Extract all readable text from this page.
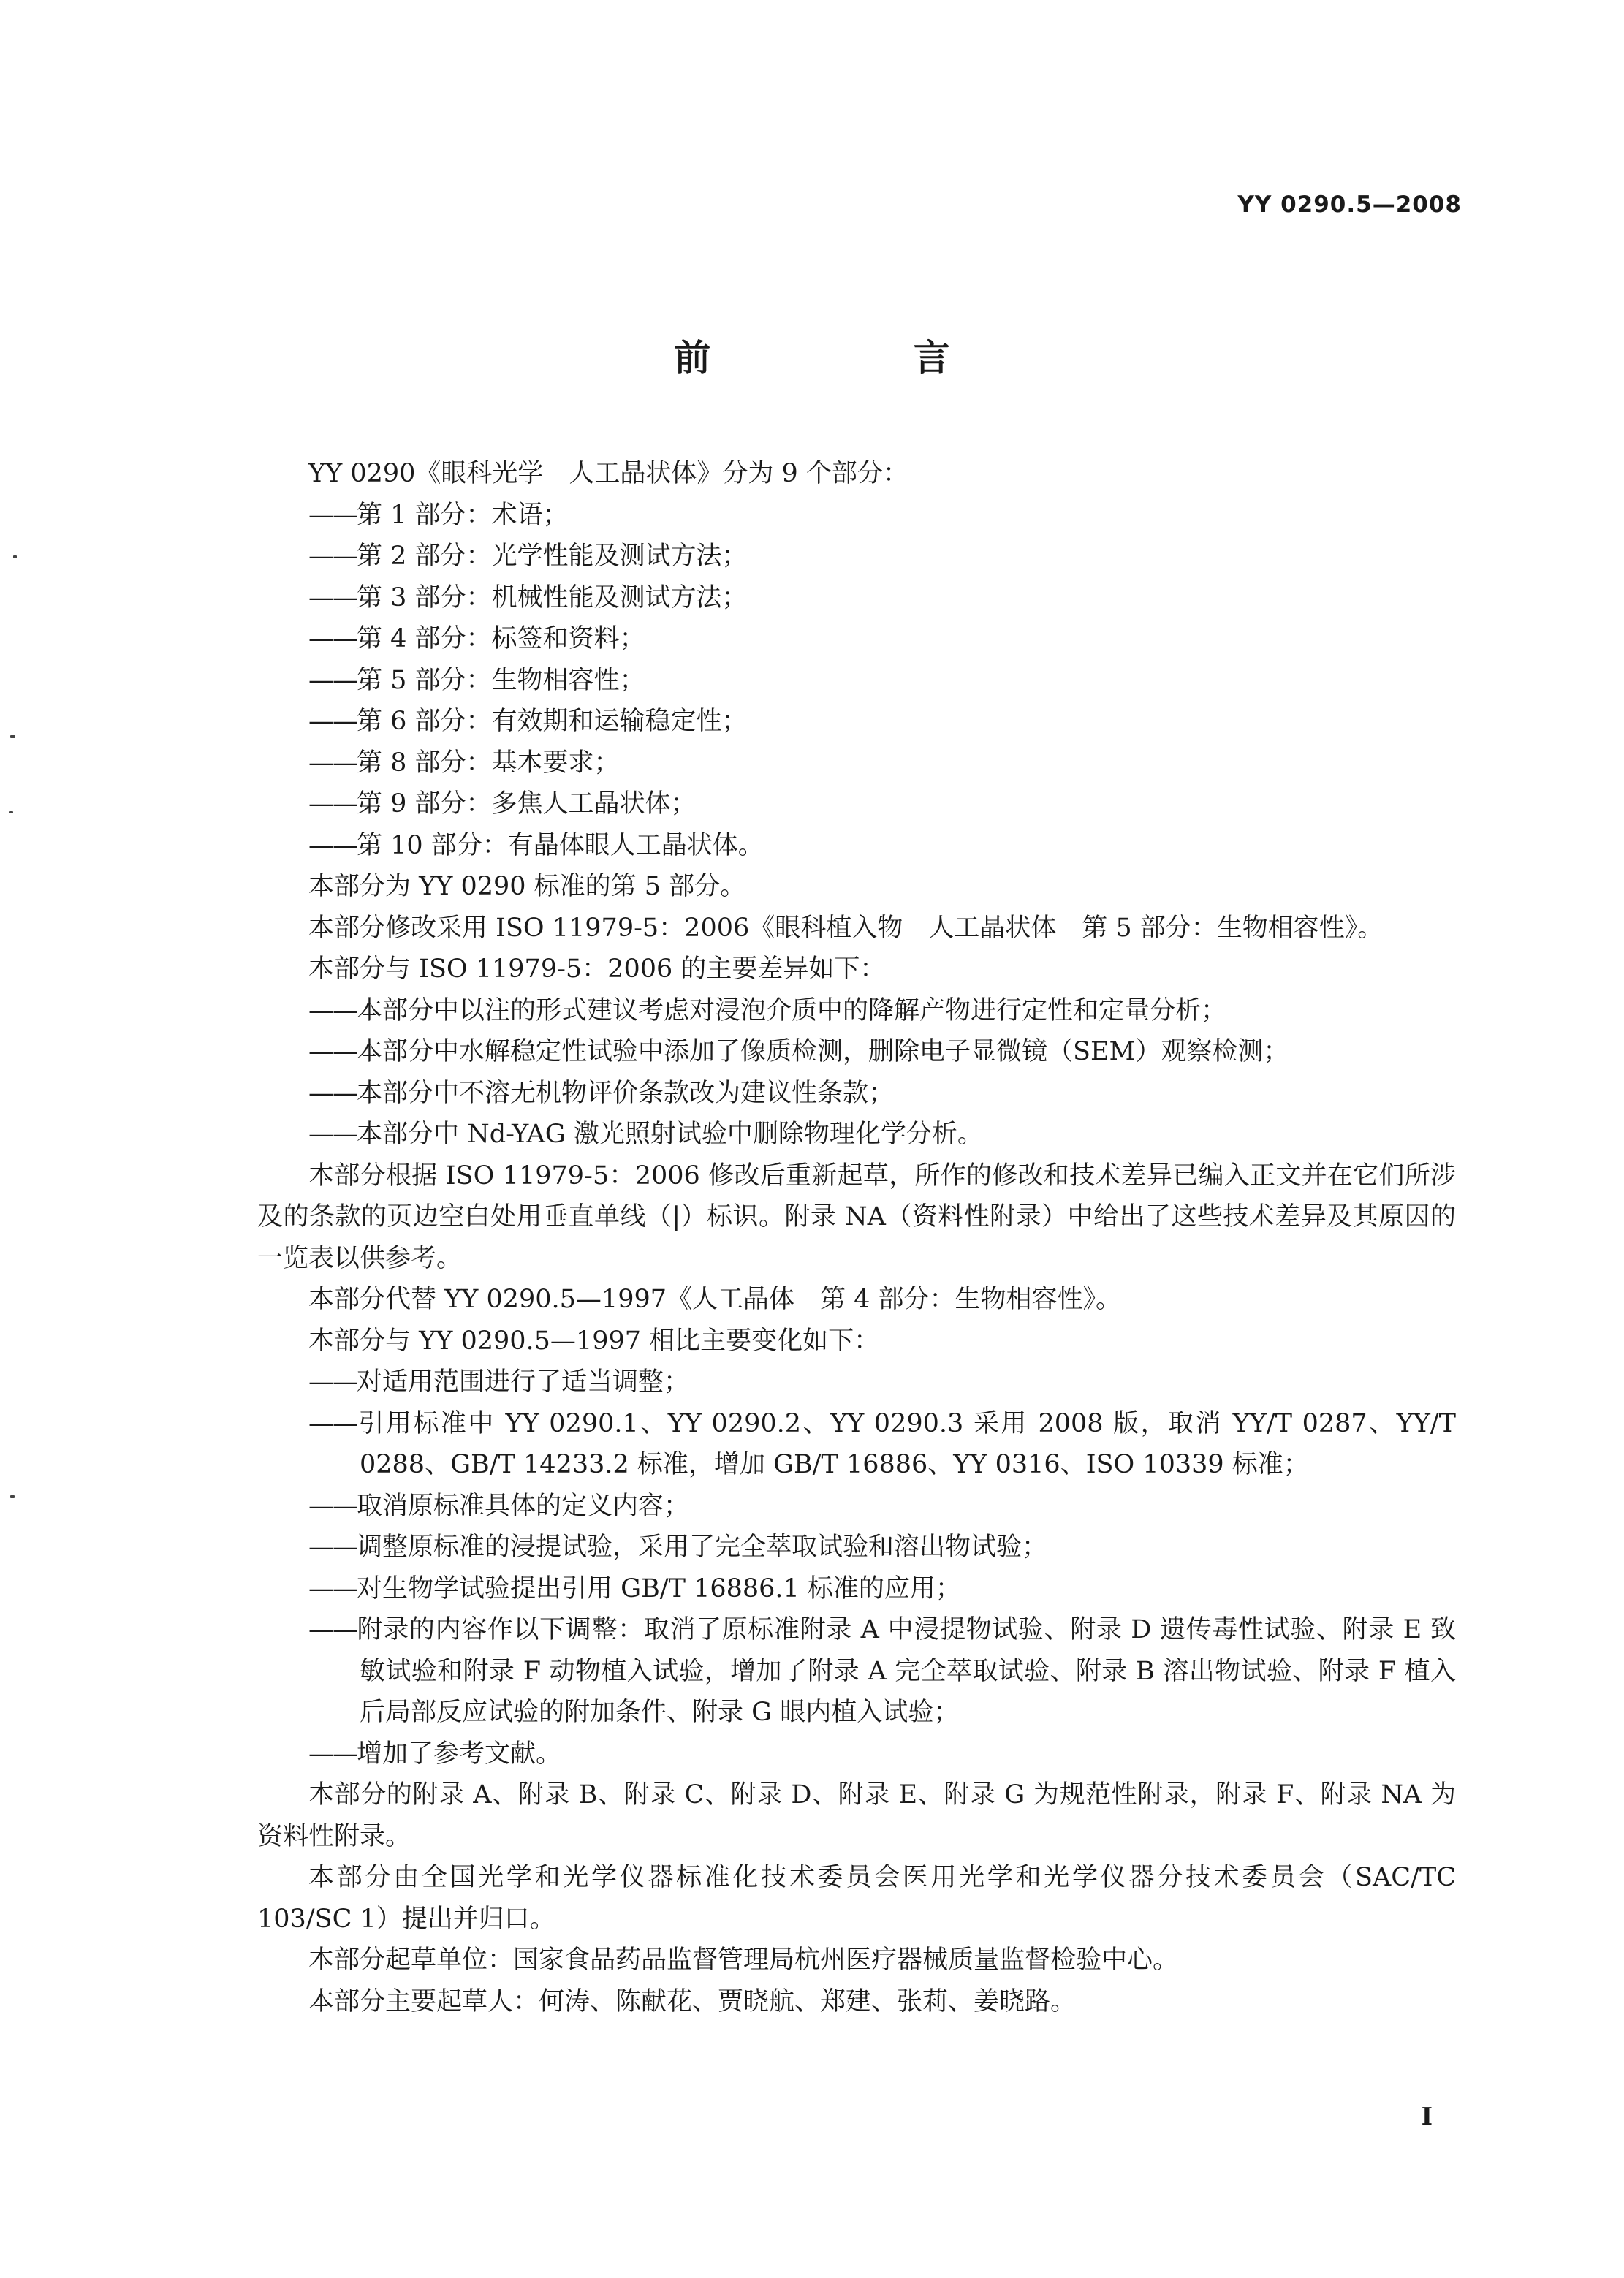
YY 0290.5—2008
前 言

YY 0290《眼科光学　人工晶状体》分为 9 个部分：

——第 1 部分：术语；

——第 2 部分：光学性能及测试方法；

——第 3 部分：机械性能及测试方法；

——第 4 部分：标签和资料；

——第 5 部分：生物相容性；

——第 6 部分：有效期和运输稳定性；

——第 8 部分：基本要求；

——第 9 部分：多焦人工晶状体；

——第 10 部分：有晶体眼人工晶状体。

本部分为 YY 0290 标准的第 5 部分。

本部分修改采用 ISO 11979-5：2006《眼科植入物　人工晶状体　第 5 部分：生物相容性》。

本部分与 ISO 11979-5：2006 的主要差异如下：

——本部分中以注的形式建议考虑对浸泡介质中的降解产物进行定性和定量分析；

——本部分中水解稳定性试验中添加了像质检测，删除电子显微镜（SEM）观察检测；

——本部分中不溶无机物评价条款改为建议性条款；

——本部分中 Nd-YAG 激光照射试验中删除物理化学分析。

本部分根据 ISO 11979-5：2006 修改后重新起草，所作的修改和技术差异已编入正文并在它们所涉及的条款的页边空白处用垂直单线（|）标识。附录 NA（资料性附录）中给出了这些技术差异及其原因的一览表以供参考。

本部分代替 YY 0290.5—1997《人工晶体　第 4 部分：生物相容性》。

本部分与 YY 0290.5—1997 相比主要变化如下：

——对适用范围进行了适当调整；

——引用标准中 YY 0290.1、YY 0290.2、YY 0290.3 采用 2008 版，取消 YY/T 0287、YY/T 0288、GB/T 14233.2 标准，增加 GB/T 16886、YY 0316、ISO 10339 标准；

——取消原标准具体的定义内容；

——调整原标准的浸提试验，采用了完全萃取试验和溶出物试验；

——对生物学试验提出引用 GB/T 16886.1 标准的应用；

——附录的内容作以下调整：取消了原标准附录 A 中浸提物试验、附录 D 遗传毒性试验、附录 E 致敏试验和附录 F 动物植入试验，增加了附录 A 完全萃取试验、附录 B 溶出物试验、附录 F 植入后局部反应试验的附加条件、附录 G 眼内植入试验；

——增加了参考文献。

本部分的附录 A、附录 B、附录 C、附录 D、附录 E、附录 G 为规范性附录，附录 F、附录 NA 为资料性附录。

本部分由全国光学和光学仪器标准化技术委员会医用光学和光学仪器分技术委员会（SAC/TC 103/SC 1）提出并归口。

本部分起草单位：国家食品药品监督管理局杭州医疗器械质量监督检验中心。

本部分主要起草人：何涛、陈献花、贾晓航、郑建、张莉、姜晓路。

I
